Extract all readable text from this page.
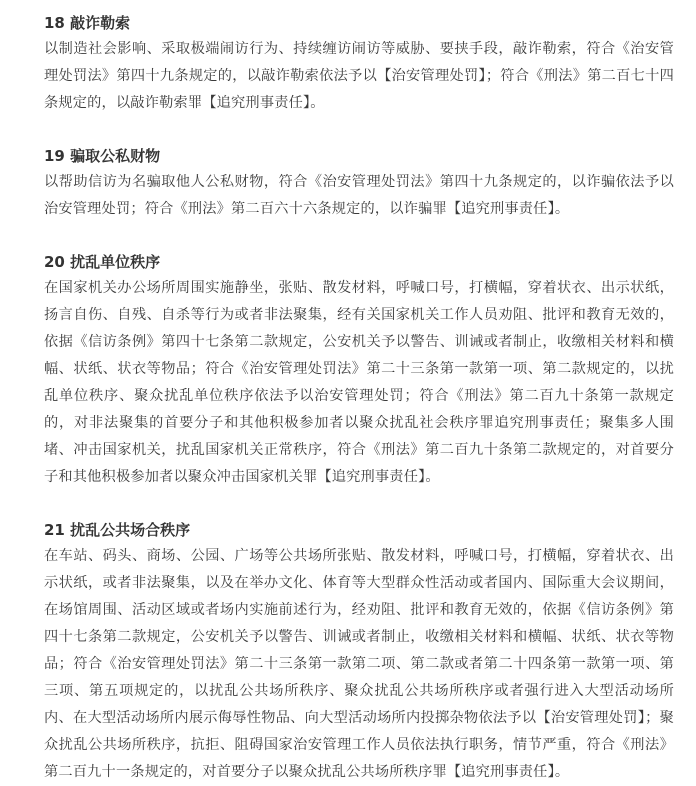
18 敲诈勒索

以制造社会影响、采取极端闹访行为、持续缠访闹访等威胁、要挟手段，敲诈勒索，符合《治安管理处罚法》第四十九条规定的，以敲诈勒索依法予以【治安管理处罚】；符合《刑法》第二百七十四条规定的，以敲诈勒索罪【追究刑事责任】。

19 骗取公私财物

以帮助信访为名骗取他人公私财物，符合《治安管理处罚法》第四十九条规定的，以诈骗依法予以治安管理处罚；符合《刑法》第二百六十六条规定的，以诈骗罪【追究刑事责任】。

20 扰乱单位秩序

在国家机关办公场所周围实施静坐，张贴、散发材料，呼喊口号，打横幅，穿着状衣、出示状纸，扬言自伤、自残、自杀等行为或者非法聚集，经有关国家机关工作人员劝阻、批评和教育无效的，依据《信访条例》第四十七条第二款规定，公安机关予以警告、训诫或者制止，收缴相关材料和横幅、状纸、状衣等物品；符合《治安管理处罚法》第二十三条第一款第一项、第二款规定的，以扰乱单位秩序、聚众扰乱单位秩序依法予以治安管理处罚；符合《刑法》第二百九十条第一款规定的，对非法聚集的首要分子和其他积极参加者以聚众扰乱社会秩序罪追究刑事责任；聚集多人围堵、冲击国家机关，扰乱国家机关正常秩序，符合《刑法》第二百九十条第二款规定的，对首要分子和其他积极参加者以聚众冲击国家机关罪【追究刑事责任】。

21 扰乱公共场合秩序

在车站、码头、商场、公园、广场等公共场所张贴、散发材料，呼喊口号，打横幅，穿着状衣、出示状纸，或者非法聚集，以及在举办文化、体育等大型群众性活动或者国内、国际重大会议期间，在场馆周围、活动区域或者场内实施前述行为，经劝阻、批评和教育无效的，依据《信访条例》第四十七条第二款规定，公安机关予以警告、训诫或者制止，收缴相关材料和横幅、状纸、状衣等物品；符合《治安管理处罚法》第二十三条第一款第二项、第二款或者第二十四条第一款第一项、第三项、第五项规定的，以扰乱公共场所秩序、聚众扰乱公共场所秩序或者强行进入大型活动场所内、在大型活动场所内展示侮辱性物品、向大型活动场所内投掷杂物依法予以【治安管理处罚】；聚众扰乱公共场所秩序，抗拒、阻碍国家治安管理工作人员依法执行职务，情节严重，符合《刑法》第二百九十一条规定的，对首要分子以聚众扰乱公共场所秩序罪【追究刑事责任】。
